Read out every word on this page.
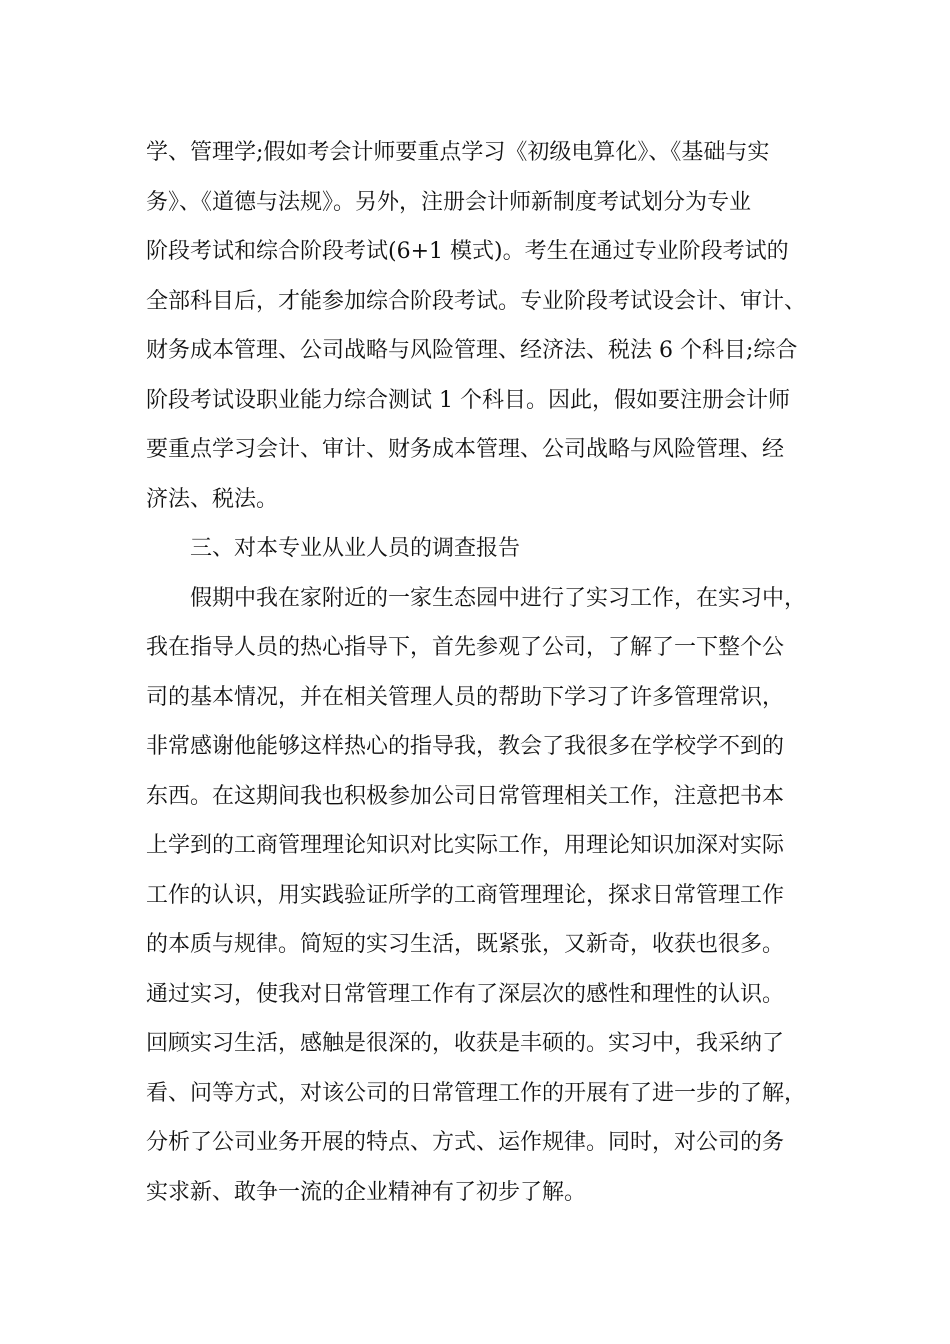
学、管理学;假如考会计师要重点学习《初级电算化》、《基础与实
务》、《道德与法规》。另外，注册会计师新制度考试划分为专业
阶段考试和综合阶段考试(6+1 模式)。考生在通过专业阶段考试的
全部科目后，才能参加综合阶段考试。专业阶段考试设会计、审计、
财务成本管理、公司战略与风险管理、经济法、税法 6 个科目;综合
阶段考试设职业能力综合测试 1 个科目。因此，假如要注册会计师
要重点学习会计、审计、财务成本管理、公司战略与风险管理、经
济法、税法。
三、对本专业从业人员的调查报告
假期中我在家附近的一家生态园中进行了实习工作，在实习中，
我在指导人员的热心指导下，首先参观了公司，了解了一下整个公
司的基本情况，并在相关管理人员的帮助下学习了许多管理常识，
非常感谢他能够这样热心的指导我，教会了我很多在学校学不到的
东西。在这期间我也积极参加公司日常管理相关工作，注意把书本
上学到的工商管理理论知识对比实际工作，用理论知识加深对实际
工作的认识，用实践验证所学的工商管理理论，探求日常管理工作
的本质与规律。简短的实习生活，既紧张，又新奇，收获也很多。
通过实习，使我对日常管理工作有了深层次的感性和理性的认识。
回顾实习生活，感触是很深的，收获是丰硕的。实习中，我采纳了
看、问等方式，对该公司的日常管理工作的开展有了进一步的了解，
分析了公司业务开展的特点、方式、运作规律。同时，对公司的务
实求新、敢争一流的企业精神有了初步了解。
